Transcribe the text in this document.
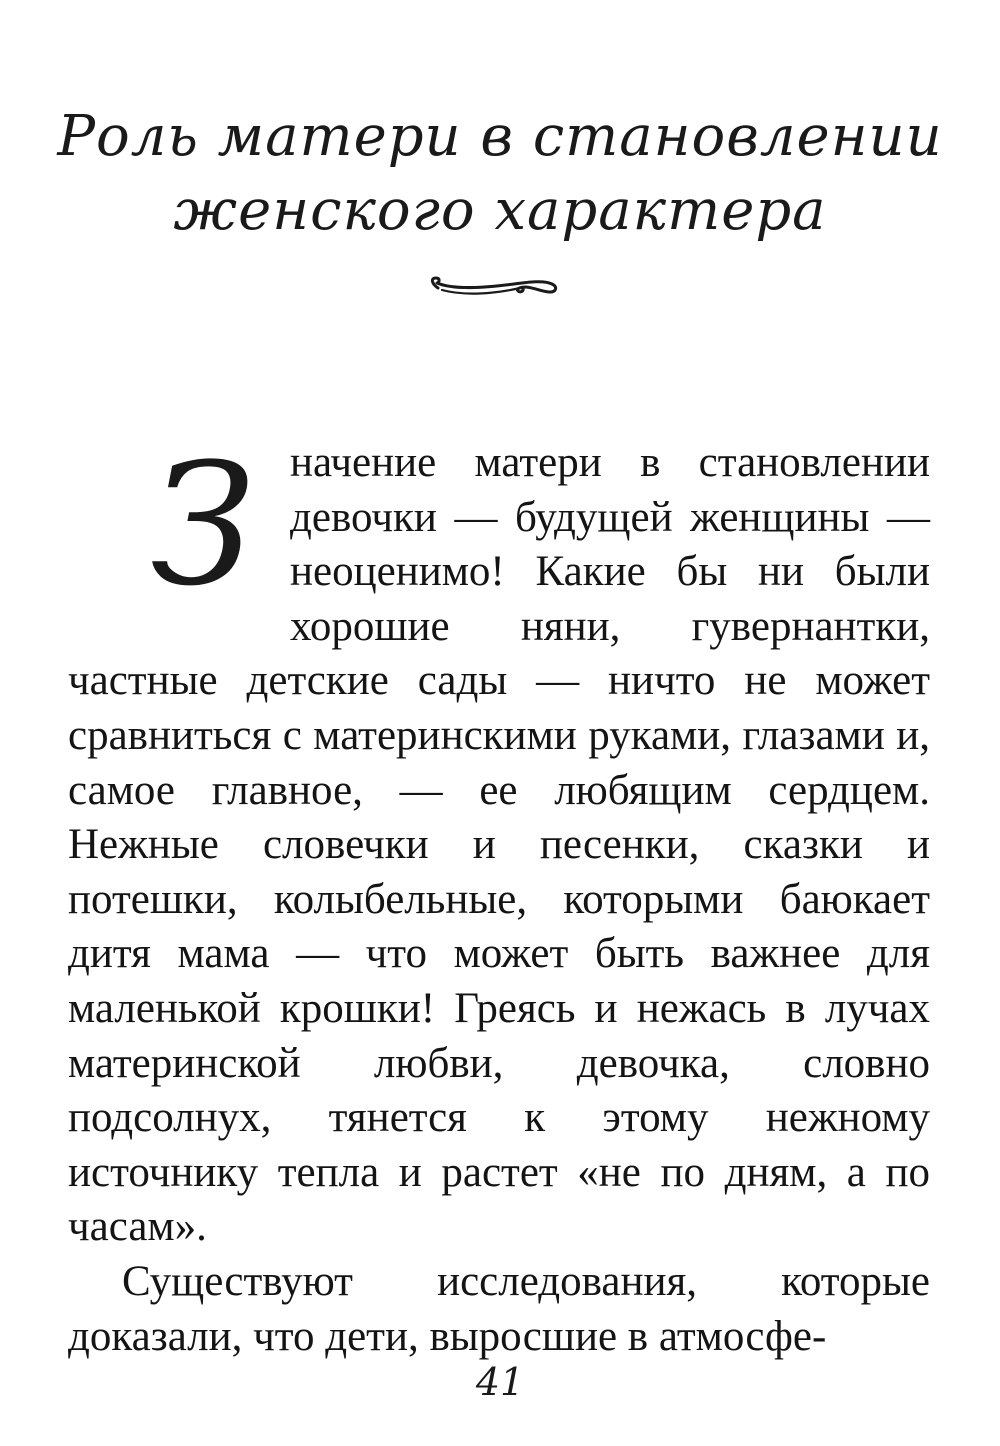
Роль матери в становлении
женского характера

Значение матери в становлении девочки — будущей женщины — неоценимо! Какие бы ни были хорошие няни, гувернантки, частные детские сады — ничто не может сравниться с материнскими руками, глазами и, самое главное, — ее любящим сердцем. Нежные словечки и песенки, сказки и потешки, колыбельные, которыми баюкает дитя мама — что может быть важнее для маленькой крошки! Греясь и нежась в лучах материнской любви, девочка, словно подсолнух, тянется к этому нежному источнику тепла и растет «не по дням, а по часам».

Существуют исследования, которые доказали, что дети, выросшие в атмосфе-

41
